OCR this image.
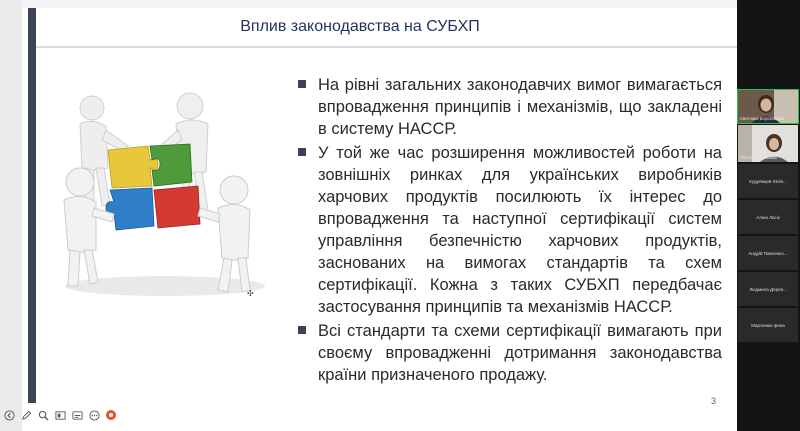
Вплив законодавства на СУБХП
✣
На рівні загальних законодавчих вимог вимагається впровадження принципів і механізмів, що закладені в систему НАССР.
У той же час розширення можливостей роботи на зовнішніх ринках для українських виробників харчових продуктів посилюють їх інтерес до впровадження та наступної сертифікації систем управління безпечністю харчових продуктів, заснованих на вимогах стандартів та схем сертифікації. Кожна з таких СУБХП передбачає застосування принципів та механізмів НАССР.
Всі стандарти та схеми сертифікації вимагають при своєму впровадженні дотримання законодавства країни призначеного продажу.
3
Светлана Березовська
Cвітлана Кулішова
Кудрявцев Юлія...
Аліна Ласік
Андрій Павленко...
Людмила Дерев...
Мартинюк Ірина
